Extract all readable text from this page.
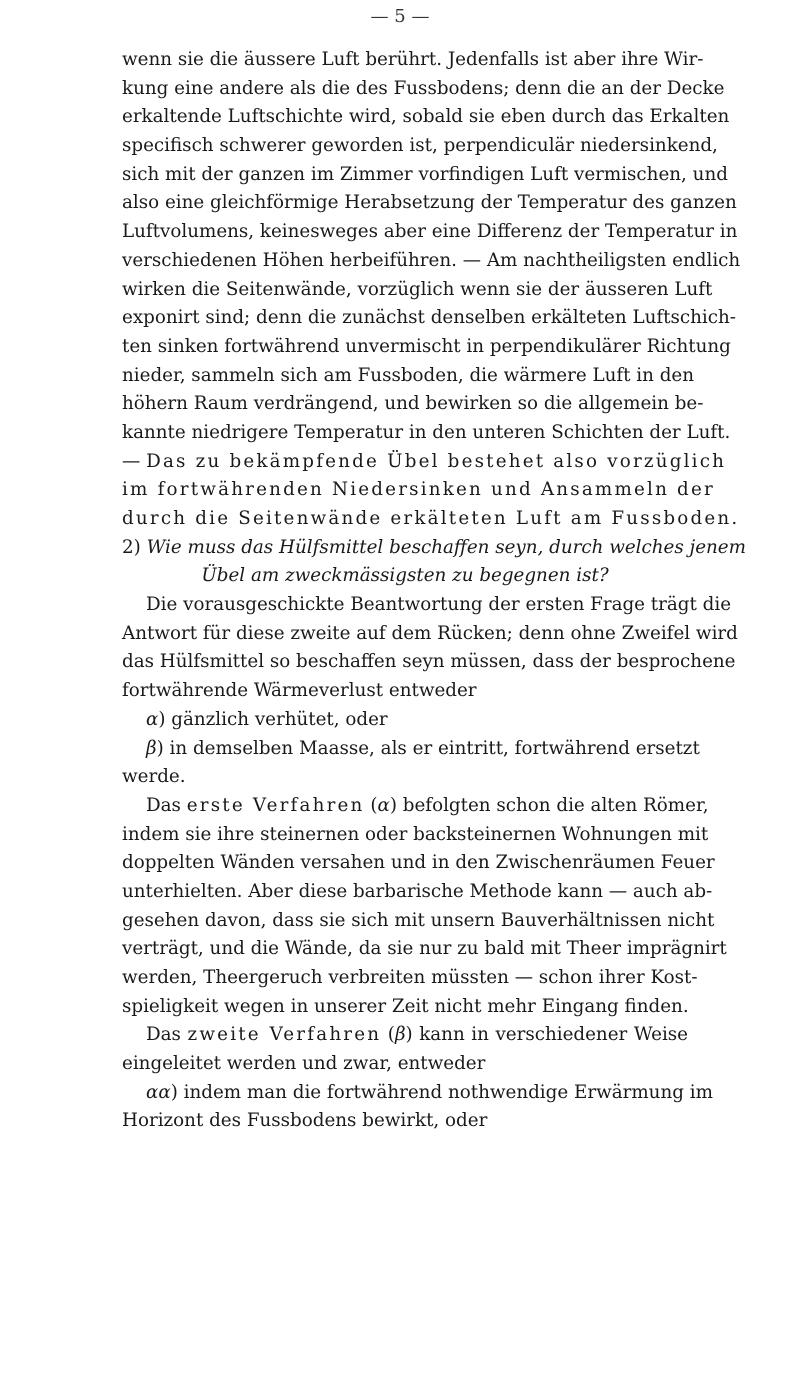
— 5 —
wenn sie die äussere Luft berührt. Jedenfalls ist aber ihre Wir-
kung eine andere als die des Fussbodens; denn die an der Decke
erkaltende Luftschichte wird, sobald sie eben durch das Erkalten
specifisch schwerer geworden ist, perpendiculär niedersinkend,
sich mit der ganzen im Zimmer vorfindigen Luft vermischen, und
also eine gleichförmige Herabsetzung der Temperatur des ganzen
Luftvolumens, keinesweges aber eine Differenz der Temperatur in
verschiedenen Höhen herbeiführen. — Am nachtheiligsten endlich
wirken die Seitenwände, vorzüglich wenn sie der äusseren Luft
exponirt sind; denn die zunächst denselben erkälteten Luftschich-
ten sinken fortwährend unvermischt in perpendikulärer Richtung
nieder, sammeln sich am Fussboden, die wärmere Luft in den
höhern Raum verdrängend, und bewirken so die allgemein be-
kannte niedrigere Temperatur in den unteren Schichten der Luft.
— Das zu bekämpfende Übel bestehet also vorzüglich
im fortwährenden Niedersinken und Ansammeln der
durch die Seitenwände erkälteten Luft am Fussboden.
2) Wie muss das Hülfsmittel beschaffen seyn, durch welches jenem
Übel am zweckmässigsten zu begegnen ist?
Die vorausgeschickte Beantwortung der ersten Frage trägt die
Antwort für diese zweite auf dem Rücken; denn ohne Zweifel wird
das Hülfsmittel so beschaffen seyn müssen, dass der besprochene
fortwährende Wärmeverlust entweder
α) gänzlich verhütet, oder
β) in demselben Maasse, als er eintritt, fortwährend ersetzt
werde.
Das erste Verfahren (α) befolgten schon die alten Römer,
indem sie ihre steinernen oder backsteinernen Wohnungen mit
doppelten Wänden versahen und in den Zwischenräumen Feuer
unterhielten. Aber diese barbarische Methode kann — auch ab-
gesehen davon, dass sie sich mit unsern Bauverhältnissen nicht
verträgt, und die Wände, da sie nur zu bald mit Theer imprägnirt
werden, Theergeruch verbreiten müssten — schon ihrer Kost-
spieligkeit wegen in unserer Zeit nicht mehr Eingang finden.
Das zweite Verfahren (β) kann in verschiedener Weise
eingeleitet werden und zwar, entweder
αα) indem man die fortwährend nothwendige Erwärmung im
Horizont des Fussbodens bewirkt, oder
